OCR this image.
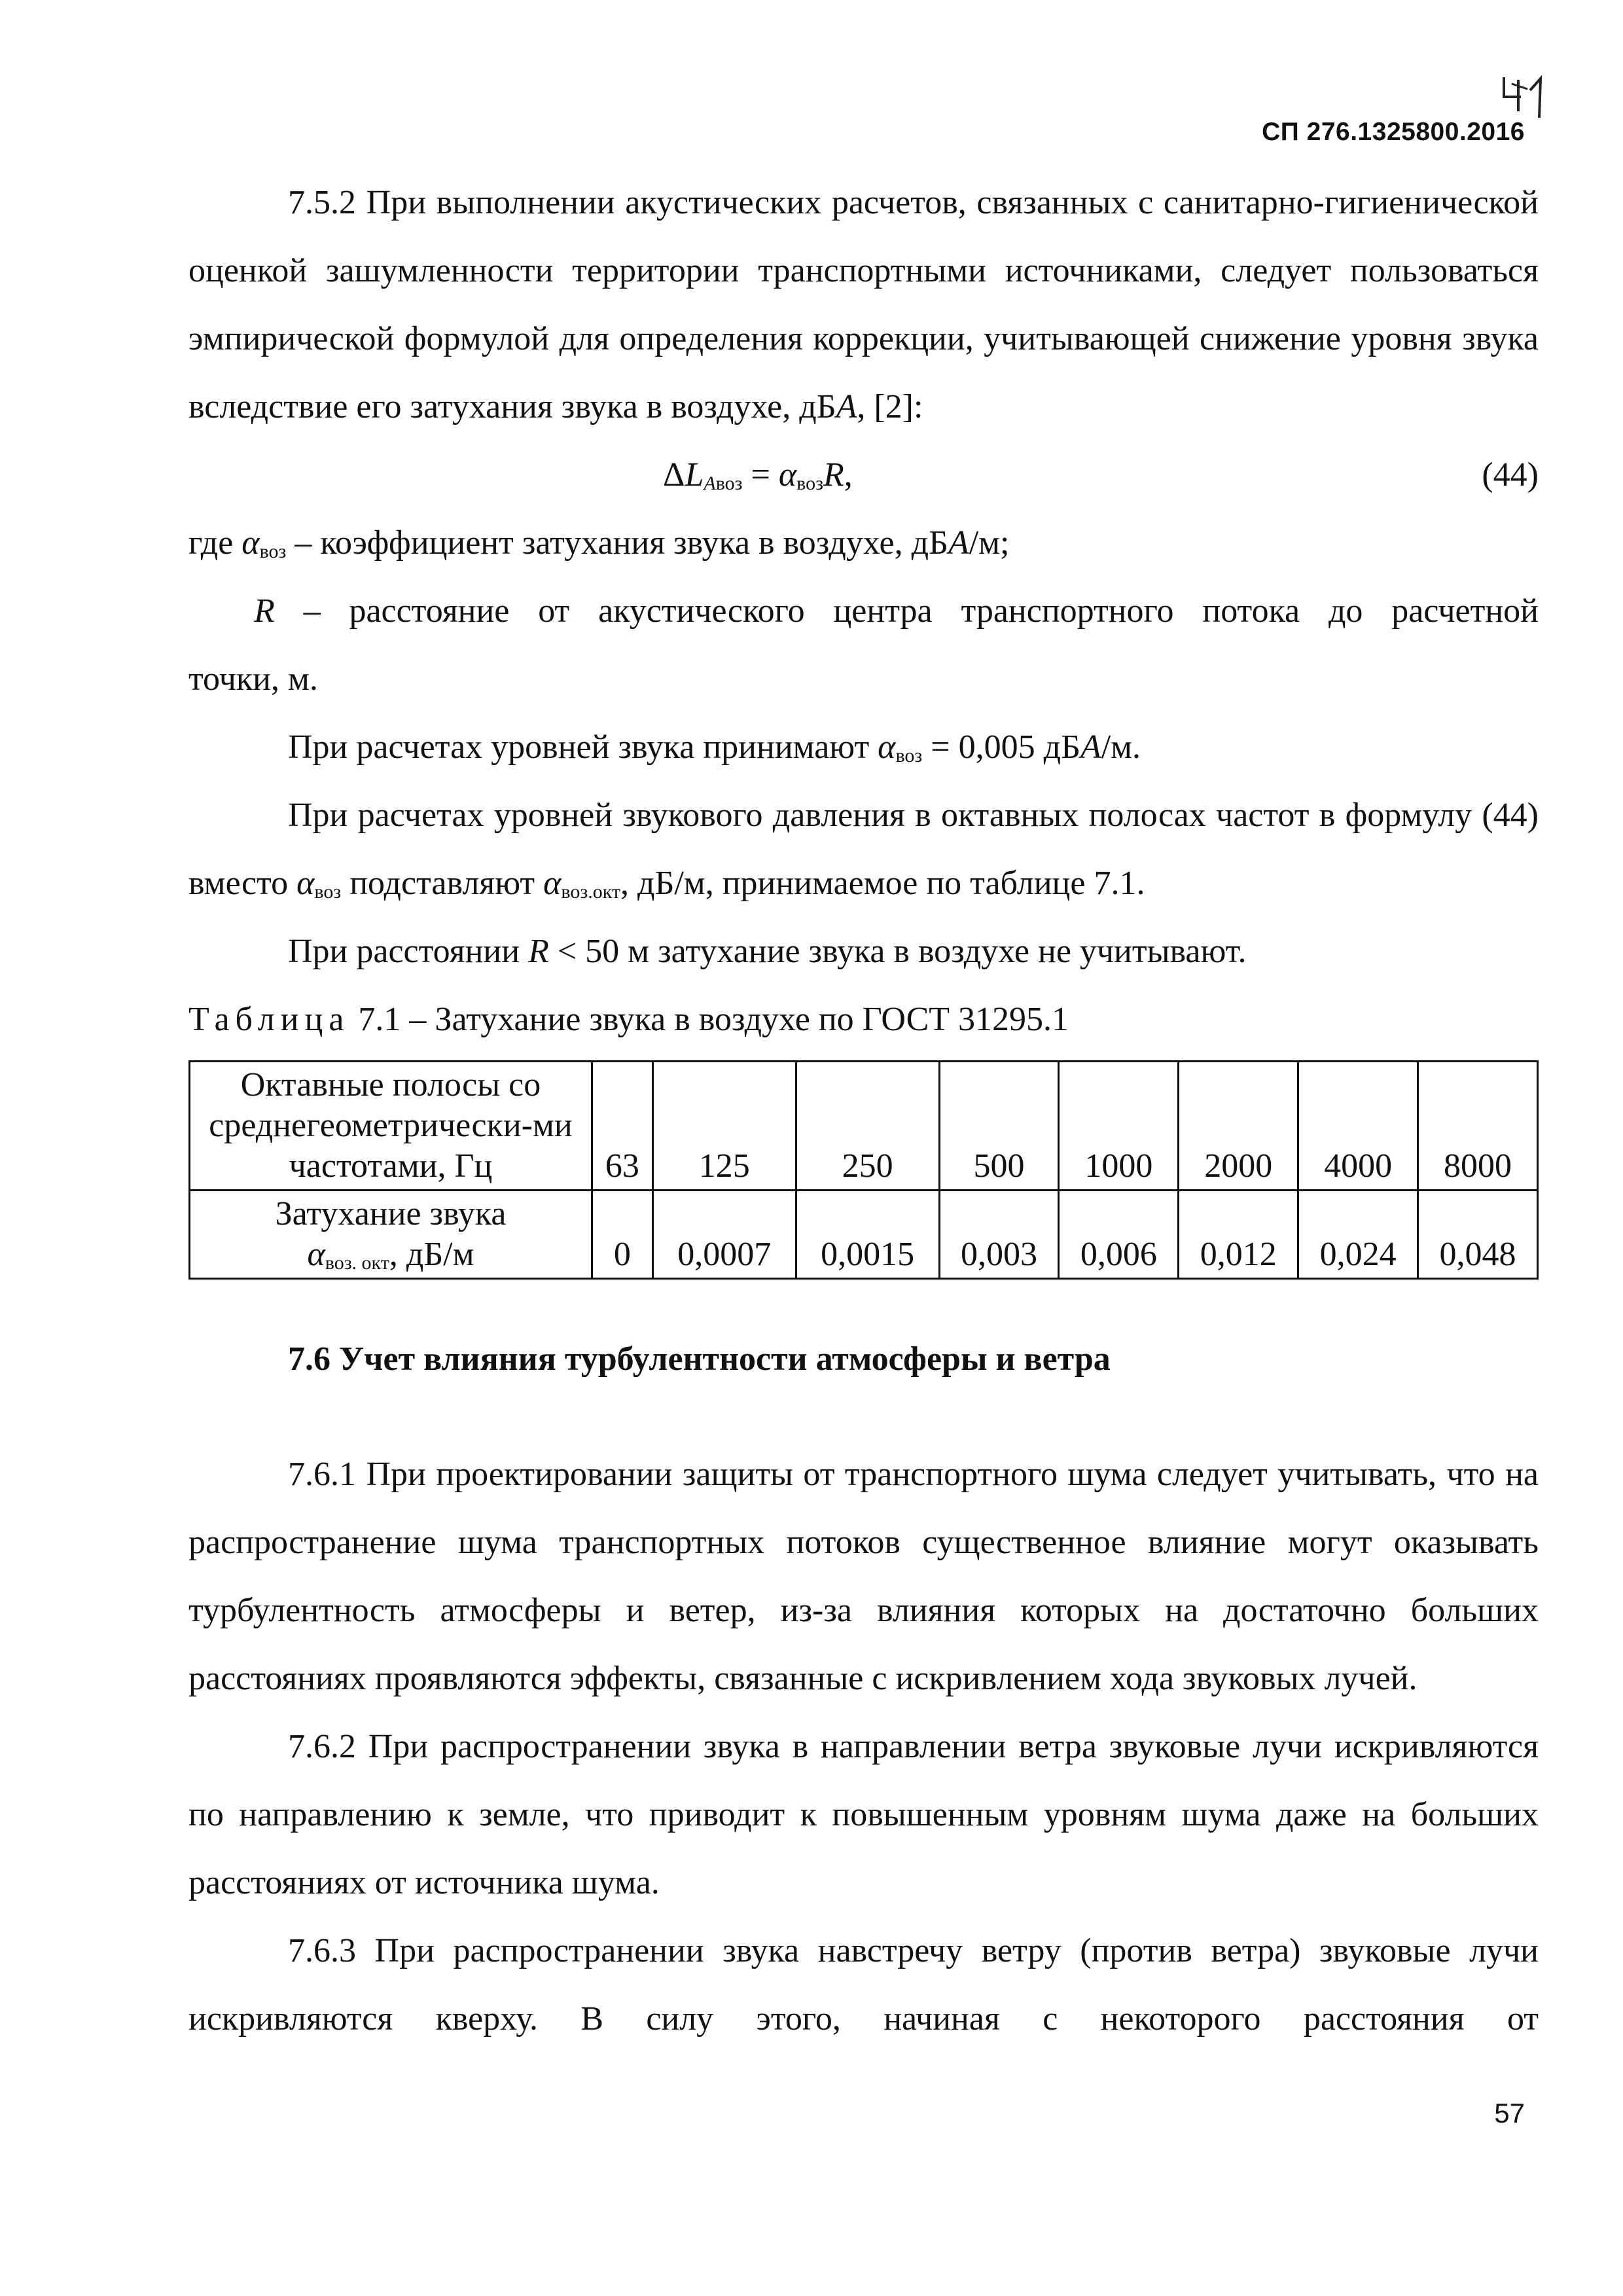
СП 276.1325800.2016

7.5.2 При выполнении акустических расчетов, связанных с санитарно-гигиенической оценкой зашумленности территории транспортными источниками, следует пользоваться эмпирической формулой для определения коррекции, учитывающей снижение уровня звука вследствие его затухания звука в воздухе, дБА, [2]:

$\Delta L_{Авоз} = \alpha_{воз}R$,	(44)

где $\alpha_{воз}$ – коэффициент затухания звука в воздухе, дБА/м;

R – расстояние от акустического центра транспортного потока до расчетной

точки, м.

При расчетах уровней звука принимают $\alpha_{воз} = 0,005$ дБА/м.

При расчетах уровней звукового давления в октавных полосах частот в формулу (44) вместо $\alpha_{воз}$ подставляют $\alpha_{воз.окт}$, дБ/м, принимаемое по таблице 7.1.

При расстоянии R < 50 м затухание звука в воздухе не учитывают.

Таблица 7.1 – Затухание звука в воздухе по ГОСТ 31295.1

Октавные полосы со среднегеометрически-ми частотами, Гц	63	125	250	500	1000	2000	4000	8000
Затухание звука
$\alpha_{воз. окт}$, дБ/м	0	0,0007	0,0015	0,003	0,006	0,012	0,024	0,048

7.6 Учет влияния турбулентности атмосферы и ветра

7.6.1 При проектировании защиты от транспортного шума следует учитывать, что на распространение шума транспортных потоков существенное влияние могут оказывать турбулентность атмосферы и ветер, из-за влияния которых на достаточно больших расстояниях проявляются эффекты, связанные с искривлением хода звуковых лучей.

7.6.2 При распространении звука в направлении ветра звуковые лучи искривляются по направлению к земле, что приводит к повышенным уровням шума даже на больших расстояниях от источника шума.

7.6.3 При распространении звука навстречу ветру (против ветра) звуковые лучи искривляются кверху. В силу этого, начиная с некоторого расстояния от

57
